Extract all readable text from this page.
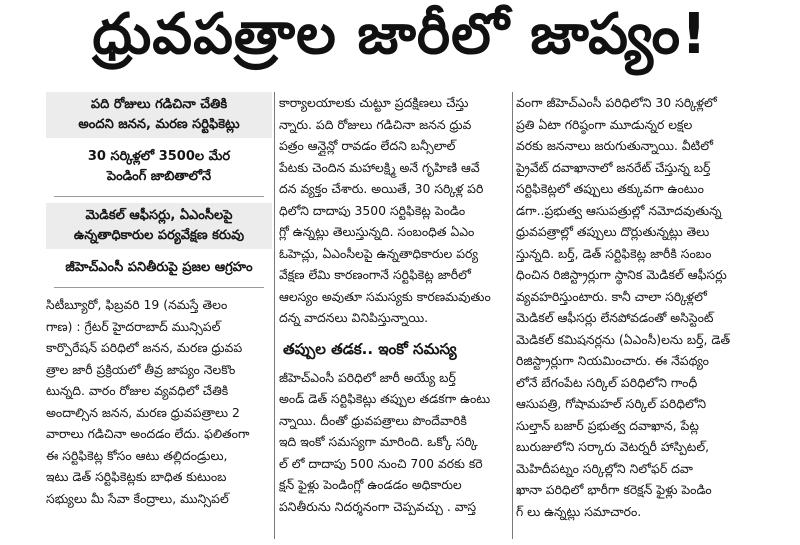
ధ్రువపత్రాల జారీలో జాప్యం!
పది రోజులు గడిచినా చేతికి
అందని జనన, మరణ సర్టిఫికెట్లు
30 సర్కిళ్లలో 3500ల మేర
పెండింగ్ జాబితాలోనే
మెడికల్ ఆఫీసర్లు, ఏఎంసీలపై
ఉన్నతాధికారుల పర్యవేక్షణ కరువు
జీహెచ్ఎంసీ పనితీరుపై ప్రజల ఆగ్రహం
సిటీబ్యూరో, ఫిబ్రవరి 19 (నమస్తే తెలం
గాణ) : గ్రేటర్ హైదరాబాద్ మున్సిపల్
కార్పొరేషన్ పరిధిలో జనన, మరణ ధ్రువప
త్రాల జారీ ప్రక్రియలో తీవ్ర జాప్యం నెలకొం
టున్నది. వారం రోజుల వ్యవధిలో చేతికి
అందాల్సిన జనన, మరణ ధ్రువపత్రాలు 2
వారాలు గడిచినా అందడం లేదు. ఫలితంగా
ఈ సర్టిఫికెట్ల కోసం ఆటు తల్లిదండ్రులు,
ఇటు డెత్ సర్టిఫికెట్లకు బాధిత కుటుంబ
సభ్యులు మీ సేవా కేంద్రాలు, మున్సిపల్
కార్యాలయాలకు చుట్టూ ప్రదక్షిణలు చేస్తు
న్నారు. పది రోజులు గడిచినా జనన ధ్రువ
పత్రం ఆన్లైన్లో రావడం లేదని బన్సీలాల్
పేటకు చెందిన మహాలక్ష్మి అనే గృహిణి ఆవే
దన వ్యక్తం చేశారు. అయితే, 30 సర్కిళ్ల పరి
ధిలోని దాదాపు 3500 సర్టిఫికెట్ల పెండిం
గ్లో ఉన్నట్లు తెలుస్తున్నది. సంబంధిత ఏఎం
ఓహెచ్లు, ఏఎంసీలపై ఉన్నతాధికారుల పర్య
వేక్షణ లేమి కారణంగానే సర్టిఫికెట్ల జారీలో
ఆలస్యం అవుతూ సమస్యకు కారణమవుతుం
దన్న వాదనలు వినిపిస్తున్నాయి.
తప్పుల తడక.. ఇంకో సమస్య
జీహెచ్ఎంసీ పరిధిలో జారీ అయ్యే బర్త్
అండ్ డెత్ సర్టిఫికెట్లు తప్పుల తడకగా ఉంటు
న్నాయి. దీంతో ధ్రువపత్రాలు పొందేవారికి
ఇది ఇంకో సమస్యగా మారింది. ఒక్కో సర్కి
ల్ లో దాదాపు 500 నుంచి 700 వరకు కరె
క్షన్ ఫైళ్లు పెండింగ్లో ఉండడం అధికారుల
పనితీరును నిదర్శనంగా చెప్పవచ్చు . వాస్త
వంగా జీహెచ్ఎంసీ పరిధిలోని 30 సర్కిళ్లలో
ప్రతి ఏటా గరిష్ఠంగా మూడున్నర లక్షల
వరకు జననాలు జరుగుతున్నాయి. వీటిలో
ప్రైవేట్ దవాఖానాలో జనరేట్ చేస్తున్న బర్త్
సర్టిఫికెట్లలో తప్పులు తక్కువగా ఉంటుం
డగా..ప్రభుత్వ ఆసుపత్రుల్లో నమోదవుతున్న
ధ్రువపత్రాల్లో తప్పులు దొర్లుతున్నట్లు తెలు
స్తున్నది. బర్త్, డెత్ సర్టిఫికెట్ల జారీకి సంబం
ధించిన రిజిస్ట్రార్లుగా స్థానిక మెడికల్ ఆఫీసర్లు
వ్యవహరిస్తుంటారు. కానీ చాలా సర్కిళ్లలో
మెడికల్ ఆఫీసర్లు లేనపోవడంతో అసిస్టెంట్
మెడికల్ కమిషనర్లను (ఏఎంసీ)లను బర్త్, డెత్
రిజిస్ట్రార్లుగా నియమించారు. ఈ నేపథ్యం
లోనే బేగంపేట సర్కిల్ పరిధిలోని గాంధీ
ఆసుపత్రి, గోషామహల్ సర్కిల్ పరిధిలోని
సుల్తాన్ బజార్ ప్రభుత్వ దవాఖాన, పేట్ల
బురుజులోని సర్కారు వెటర్నరీ హాస్పిటల్,
మెహిదీపట్నం సర్కిల్లోని నిలోఫర్ దవా
ఖానా పరిధిలో భారీగా కరెక్షన్ ఫైళ్లు పెండిం
గ్ లు ఉన్నట్లు సమాచారం.
